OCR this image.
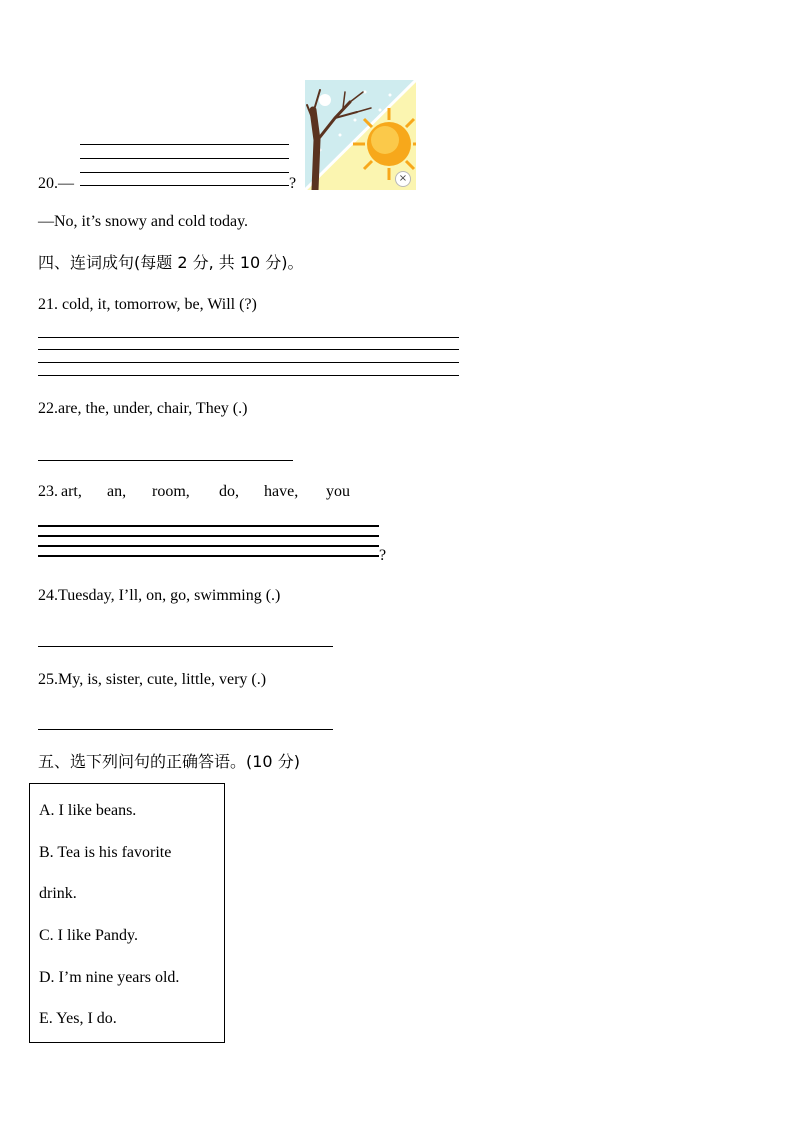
20.—	?	×
—No, it’s snowy and cold today.
四、连词成句(每题 2 分, 共 10 分)。
21. cold, it, tomorrow, be, Will (?)
22.are, the, under, chair, They (.)
23. art, an, room, do, have, you
?
24.Tuesday, I’ll, on, go, swimming (.)
25.My, is, sister, cute, little, very (.)
五、选下列问句的正确答语。(10 分)
A. I like beans.
B. Tea is his favorite
drink.
C. I like Pandy.
D. I’m nine years old.
E. Yes, I do.
